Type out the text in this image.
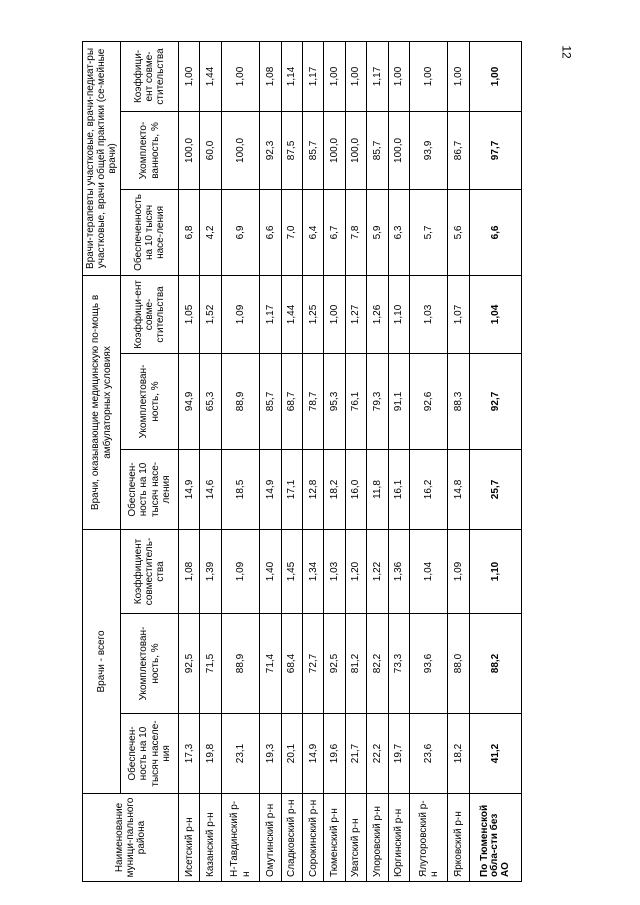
12
Наименование муници-пального района	Врачи - всего			Врачи, оказывающие медицинскую по-мощь в амбулаторных условиях			Врачи-терапевты участковые, врачи-педиат-ры участковые, врачи общей практики (се-мейные врачи)		
	Обеспечен-ность на 10 тысяч населе-ния	Укомплектован-ность, %	Коэффициент совместитель-ства	Обеспечен-ность на 10 тысяч насе-ления	Укомплектован-ность, %	Коэффици-ент совме-стительства	Обеспеченность на 10 тысяч насе-ления	Укомплекто-ванность, %	Коэффици-ент совме-стительства
Исетский р-н	17,3	92,5	1,08	14,9	94,9	1,05	6,8	100,0	1,00
Казанский р-н	19,8	71,5	1,39	14,6	65,3	1,52	4,2	60,0	1,44
Н-Тавдинский р-н	23,1	88,9	1,09	18,5	88,9	1,09	6,9	100,0	1,00
Омутинский р-н	19,3	71,4	1,40	14,9	85,7	1,17	6,6	92,3	1,08
Сладковский р-н	20,1	68,4	1,45	17,1	68,7	1,44	7,0	87,5	1,14
Сорокинский р-н	14,9	72,7	1,34	12,8	78,7	1,25	6,4	85,7	1,17
Тюменский р-н	19,6	92,5	1,03	18,2	95,3	1,00	6,7	100,0	1,00
Уватский р-н	21,7	81,2	1,20	16,0	76,1	1,27	7,8	100,0	1,00
Упоровский р-н	22,2	82,2	1,22	11,8	79,3	1,26	5,9	85,7	1,17
Юргинский р-н	19,7	73,3	1,36	16,1	91,1	1,10	6,3	100,0	1,00
Ялуторовский р-н	23,6	93,6	1,04	16,2	92,6	1,03	5,7	93,9	1,00
Ярковский р-н	18,2	88,0	1,09	14,8	88,3	1,07	5,6	86,7	1,00
По Тюменской обла-сти без АО	41,2	88,2	1,10	25,7	92,7	1,04	6,6	97,7	1,00
